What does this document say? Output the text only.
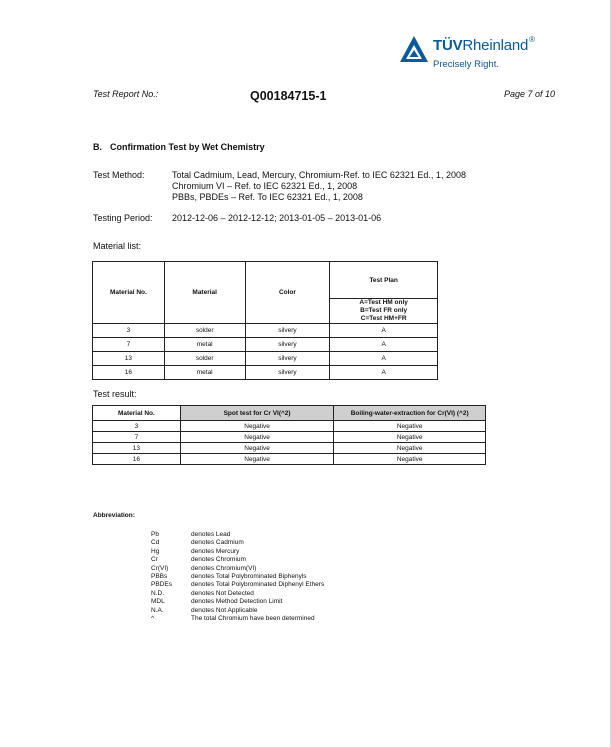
TÜVRheinland®
Precisely Right.
Test Report No.:	Q00184715-1	Page 7 of 10
B. Confirmation Test by Wet Chemistry
Test Method:	Total Cadmium, Lead, Mercury, Chromium-Ref. to IEC 62321 Ed., 1, 2008
Chromium VI – Ref. to IEC 62321 Ed., 1, 2008
PBBs, PBDEs – Ref. To IEC 62321 Ed., 1, 2008
Testing Period: 2012-12-06 – 2012-12-12; 2013-01-05 – 2013-01-06
Material list:
Material No.	Material	Color	Test Plan

			A=Test HM only
B=Test FR only
C=Test HM+FR

3	solder	silvery	A
7	metal	silvery	A
13	solder	silvery	A
16	metal	silvery	A
Test result:
Material No.	Spot test for Cr VI(^2)	Boiling-water-extraction for Cr(VI) (^2)
3	Negative	Negative
7	Negative	Negative
13	Negative	Negative
16	Negative	Negative
Abbreviation:
Pb	denotes Lead
Cd	denotes Cadmium
Hg	denotes Mercury
Cr	denotes Chromium
Cr(VI)	denotes Chromium(VI)
PBBs	denotes Total Polybrominated Biphenyls
PBDEs	denotes Total Polybrominated Diphenyl Ethers
N.D.	denotes Not Detected
MDL	denotes Method Detection Limit
N.A.	denotes Not Applicable
^	The total Chromium have been determined
